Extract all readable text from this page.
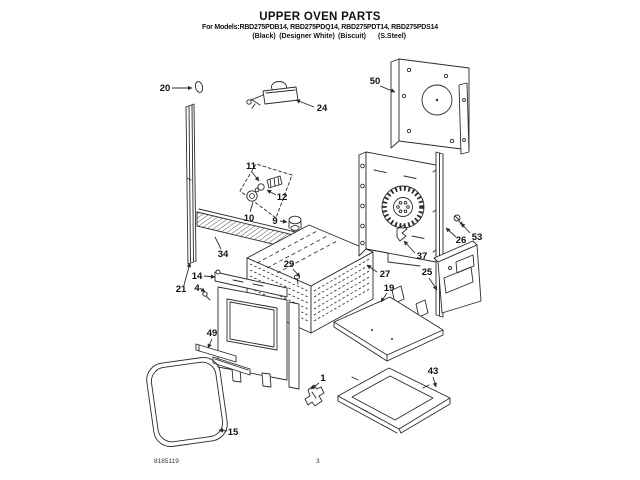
UPPER OVEN PARTS
For Models:RBD275PDB14, RBD275PDQ14, RBD275PDT14, RBD275PDS14
(Black) (Designer White) (Biscuit) (S.Steel)
20
24
50
11
12
10 9
34
14
4
21
29
27
19
37
26 53
25
49
15
1
43
8185119	3
